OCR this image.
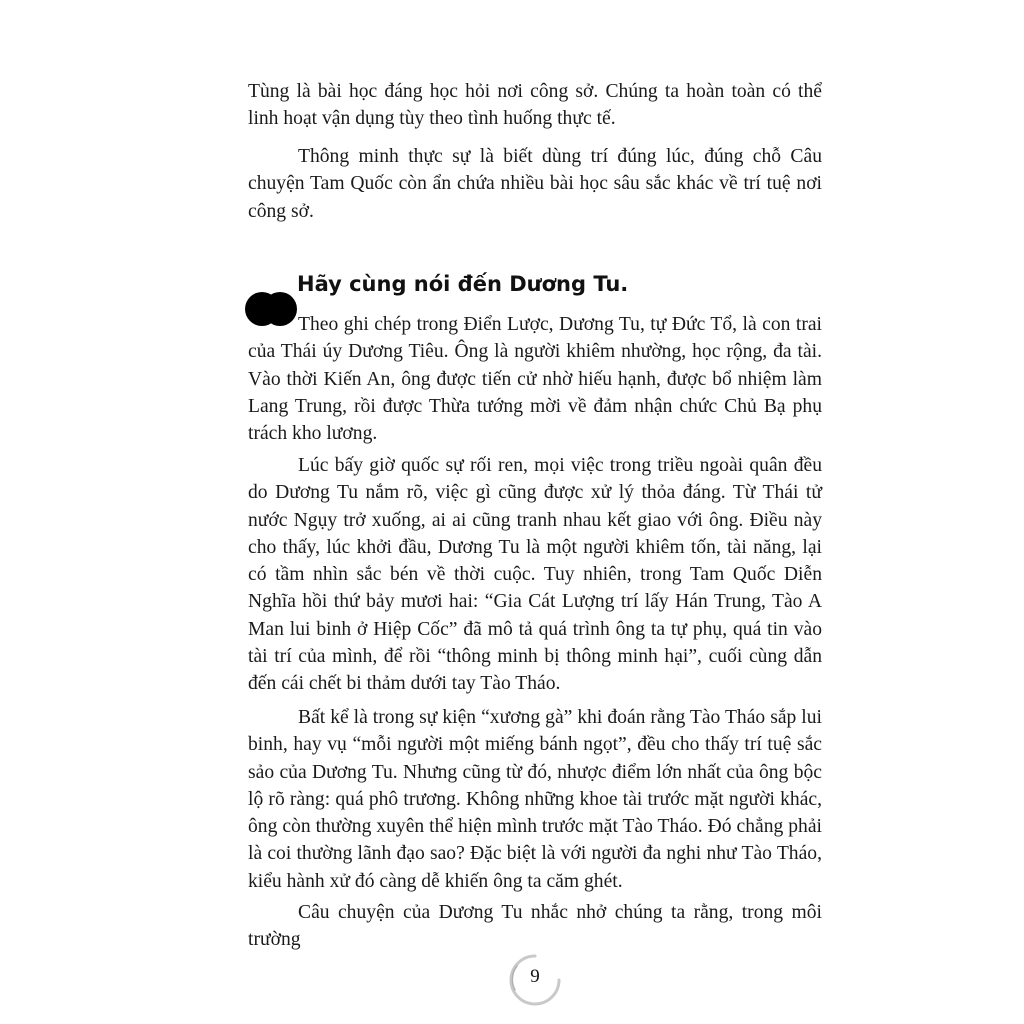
Tùng là bài học đáng học hỏi nơi công sở. Chúng ta hoàn toàn có thể linh hoạt vận dụng tùy theo tình huống thực tế.

Thông minh thực sự là biết dùng trí đúng lúc, đúng chỗ Câu chuyện Tam Quốc còn ẩn chứa nhiều bài học sâu sắc khác về trí tuệ nơi công sở.

Hãy cùng nói đến Dương Tu.

Theo ghi chép trong Điển Lược, Dương Tu, tự Đức Tổ, là con trai của Thái úy Dương Tiêu. Ông là người khiêm nhường, học rộng, đa tài. Vào thời Kiến An, ông được tiến cử nhờ hiếu hạnh, được bổ nhiệm làm Lang Trung, rồi được Thừa tướng mời về đảm nhận chức Chủ Bạ phụ trách kho lương.

Lúc bấy giờ quốc sự rối ren, mọi việc trong triều ngoài quân đều do Dương Tu nắm rõ, việc gì cũng được xử lý thỏa đáng. Từ Thái tử nước Ngụy trở xuống, ai ai cũng tranh nhau kết giao với ông. Điều này cho thấy, lúc khởi đầu, Dương Tu là một người khiêm tốn, tài năng, lại có tầm nhìn sắc bén về thời cuộc. Tuy nhiên, trong Tam Quốc Diễn Nghĩa hồi thứ bảy mươi hai: “Gia Cát Lượng trí lấy Hán Trung, Tào A Man lui binh ở Hiệp Cốc” đã mô tả quá trình ông ta tự phụ, quá tin vào tài trí của mình, để rồi “thông minh bị thông minh hại”, cuối cùng dẫn đến cái chết bi thảm dưới tay Tào Tháo.

Bất kể là trong sự kiện “xương gà” khi đoán rằng Tào Tháo sắp lui binh, hay vụ “mỗi người một miếng bánh ngọt”, đều cho thấy trí tuệ sắc sảo của Dương Tu. Nhưng cũng từ đó, nhược điểm lớn nhất của ông bộc lộ rõ ràng: quá phô trương. Không những khoe tài trước mặt người khác, ông còn thường xuyên thể hiện mình trước mặt Tào Tháo. Đó chẳng phải là coi thường lãnh đạo sao? Đặc biệt là với người đa nghi như Tào Tháo, kiểu hành xử đó càng dễ khiến ông ta căm ghét.

Câu chuyện của Dương Tu nhắc nhở chúng ta rằng, trong môi trường

9
